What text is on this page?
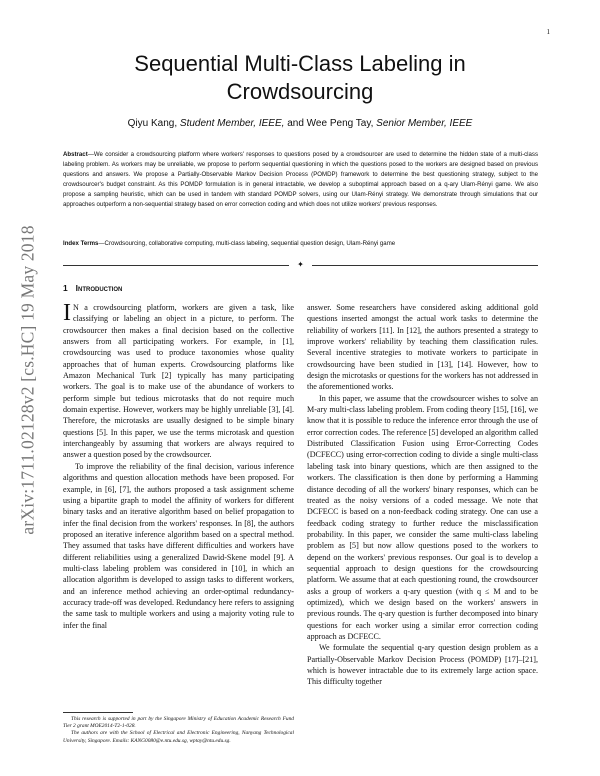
1
arXiv:1711.02128v2 [cs.HC] 19 May 2018
Sequential Multi-Class Labeling in
Crowdsourcing
Qiyu Kang, Student Member, IEEE, and Wee Peng Tay, Senior Member, IEEE
Abstract—We consider a crowdsourcing platform where workers' responses to questions posed by a crowdsourcer are used to determine the hidden state of a multi-class labeling problem. As workers may be unreliable, we propose to perform sequential questioning in which the questions posed to the workers are designed based on previous questions and answers. We propose a Partially-Observable Markov Decision Process (POMDP) framework to determine the best questioning strategy, subject to the crowdsourcer's budget constraint. As this POMDP formulation is in general intractable, we develop a suboptimal approach based on a q-ary Ulam-Rényi game. We also propose a sampling heuristic, which can be used in tandem with standard POMDP solvers, using our Ulam-Rényi strategy. We demonstrate through simulations that our approaches outperform a non-sequential strategy based on error correction coding and which does not utilize workers' previous responses.
Index Terms—Crowdsourcing, collaborative computing, multi-class labeling, sequential question design, Ulam-Rényi game
✦
1 Introduction

I N a crowdsourcing platform, workers are given a task, like classifying or labeling an object in a picture, to perform. The crowdsourcer then makes a final decision based on the collective answers from all participating workers. For example, in [1], crowdsourcing was used to produce taxonomies whose quality approaches that of human experts. Crowdsourcing platforms like Amazon Mechanical Turk [2] typically has many participating workers. The goal is to make use of the abundance of workers to perform simple but tedious microtasks that do not require much domain expertise. However, workers may be highly unreliable [3], [4]. Therefore, the microtasks are usually designed to be simple binary questions [5]. In this paper, we use the terms microtask and question interchangeably by assuming that workers are always required to answer a question posed by the crowdsourcer.

To improve the reliability of the final decision, various inference algorithms and question allocation methods have been proposed. For example, in [6], [7], the authors proposed a task assignment scheme using a bipartite graph to model the affinity of workers for different binary tasks and an iterative algorithm based on belief propagation to infer the final decision from the workers' responses. In [8], the authors proposed an iterative inference algorithm based on a spectral method. They assumed that tasks have different difficulties and workers have different reliabilities using a generalized Dawid-Skene model [9]. A multi-class labeling problem was considered in [10], in which an allocation algorithm is developed to assign tasks to different workers, and an inference method achieving an order-optimal redundancy-accuracy trade-off was developed. Redundancy here refers to assigning the same task to multiple workers and using a majority voting rule to infer the final

answer. Some researchers have considered asking additional gold questions inserted amongst the actual work tasks to determine the reliability of workers [11]. In [12], the authors presented a strategy to improve workers' reliability by teaching them classification rules. Several incentive strategies to motivate workers to participate in crowdsourcing have been studied in [13], [14]. However, how to design the microtasks or questions for the workers has not addressed in the aforementioned works.

In this paper, we assume that the crowdsourcer wishes to solve an M-ary multi-class labeling problem. From coding theory [15], [16], we know that it is possible to reduce the inference error through the use of error correction codes. The reference [5] developed an algorithm called Distributed Classification Fusion using Error-Correcting Codes (DCFECC) using error-correction coding to divide a single multi-class labeling task into binary questions, which are then assigned to the workers. The classification is then done by performing a Hamming distance decoding of all the workers' binary responses, which can be treated as the noisy versions of a coded message. We note that DCFECC is based on a non-feedback coding strategy. One can use a feedback coding strategy to further reduce the misclassification probability. In this paper, we consider the same multi-class labeling problem as [5] but now allow questions posed to the workers to depend on the workers' previous responses. Our goal is to develop a sequential approach to design questions for the crowdsourcing platform. We assume that at each questioning round, the crowdsourcer asks a group of workers a q-ary question (with q ≤ M and to be optimized), which we design based on the workers' answers in previous rounds. The q-ary question is further decomposed into binary questions for each worker using a similar error correction coding approach as DCFECC.

We formulate the sequential q-ary question design problem as a Partially-Observable Markov Decision Process (POMDP) [17]–[21], which is however intractable due to its extremely large action space. This difficulty together

This research is supported in part by the Singapore Ministry of Education Academic Research Fund Tier 2 grant MOE2014-T2-1-028.
The authors are with the School of Electrical and Electronic Engineering, Nanyang Technological University, Singapore. Emails: KANG0080@e.ntu.edu.sg, wptay@ntu.edu.sg.
